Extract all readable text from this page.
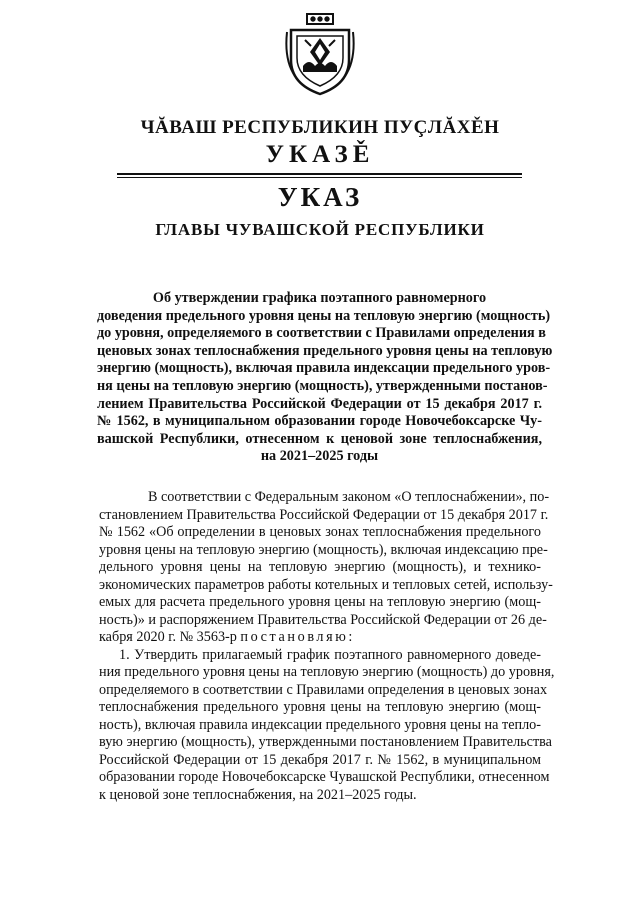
ЧĂВАШ РЕСПУБЛИКИН ПУÇЛĂХĚН
УКАЗĚ
УКАЗ
ГЛАВЫ ЧУВАШСКОЙ РЕСПУБЛИКИ
Об утверждении графика поэтапного равномерного
доведения предельного уровня цены на тепловую энергию (мощность)
до уровня, определяемого в соответствии с Правилами определения в
ценовых зонах теплоснабжения предельного уровня цены на тепловую
энергию (мощность), включая правила индексации предельного уров-
ня цены на тепловую энергию (мощность), утвержденными постанов-
лением Правительства Российской Федерации от 15 декабря 2017 г.
№ 1562, в муниципальном образовании городе Новочебоксарске Чу-
вашской Республики, отнесенном к ценовой зоне теплоснабжения,
на 2021–2025 годы
В соответствии с Федеральным законом «О теплоснабжении», по-
становлением Правительства Российской Федерации от 15 декабря 2017 г.
№ 1562 «Об определении в ценовых зонах теплоснабжения предельного
уровня цены на тепловую энергию (мощность), включая индексацию пре-
дельного уровня цены на тепловую энергию (мощность), и технико-
экономических параметров работы котельных и тепловых сетей, использу-
емых для расчета предельного уровня цены на тепловую энергию (мощ-
ность)» и распоряжением Правительства Российской Федерации от 26 де-
кабря 2020 г. № 3563-р постановляю:
1. Утвердить прилагаемый график поэтапного равномерного доведе-
ния предельного уровня цены на тепловую энергию (мощность) до уровня,
определяемого в соответствии с Правилами определения в ценовых зонах
теплоснабжения предельного уровня цены на тепловую энергию (мощ-
ность), включая правила индексации предельного уровня цены на тепло-
вую энергию (мощность), утвержденными постановлением Правительства
Российской Федерации от 15 декабря 2017 г. № 1562, в муниципальном
образовании городе Новочебоксарске Чувашской Республики, отнесенном
к ценовой зоне теплоснабжения, на 2021–2025 годы.
